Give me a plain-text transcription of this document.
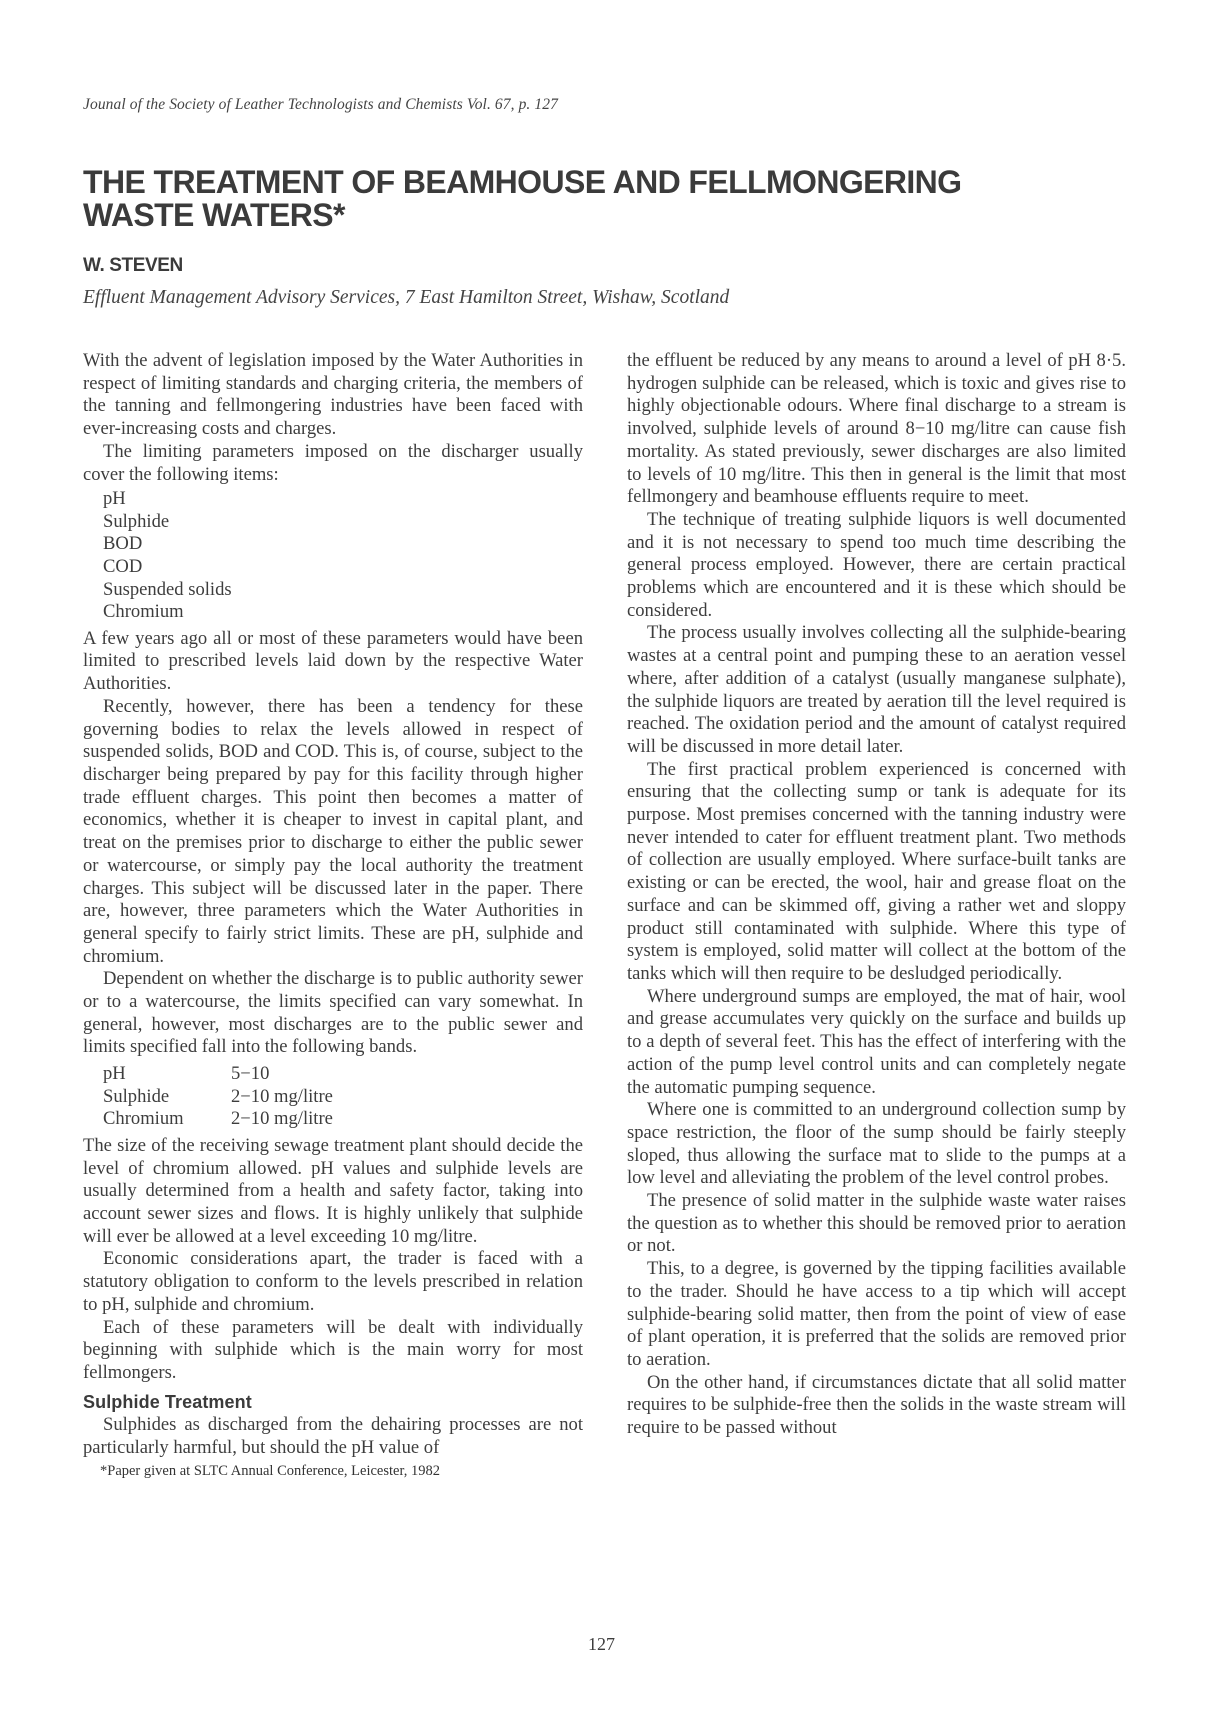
Jounal of the Society of Leather Technologists and Chemists Vol. 67, p. 127
THE TREATMENT OF BEAMHOUSE AND FELLMONGERING
WASTE WATERS*
W. STEVEN
Effluent Management Advisory Services, 7 East Hamilton Street, Wishaw, Scotland

With the advent of legislation imposed by the Water Authorities in respect of limiting standards and charging criteria, the members of the tanning and fellmongering industries have been faced with ever-increasing costs and charges.

The limiting parameters imposed on the discharger usually cover the following items:

pH
Sulphide
BOD
COD
Suspended solids
Chromium

A few years ago all or most of these parameters would have been limited to prescribed levels laid down by the respective Water Authorities.

Recently, however, there has been a tendency for these governing bodies to relax the levels allowed in respect of suspended solids, BOD and COD. This is, of course, subject to the discharger being prepared by pay for this facility through higher trade effluent charges. This point then becomes a matter of economics, whether it is cheaper to invest in capital plant, and treat on the premises prior to discharge to either the public sewer or watercourse, or simply pay the local authority the treatment charges. This subject will be discussed later in the paper. There are, however, three parameters which the Water Authorities in general specify to fairly strict limits. These are pH, sulphide and chromium.

Dependent on whether the discharge is to public authority sewer or to a watercourse, the limits specified can vary somewhat. In general, however, most discharges are to the public sewer and limits specified fall into the following bands.

pH	5−10
Sulphide	2−10 mg/litre
Chromium	2−10 mg/litre

The size of the receiving sewage treatment plant should decide the level of chromium allowed. pH values and sulphide levels are usually determined from a health and safety factor, taking into account sewer sizes and flows. It is highly unlikely that sulphide will ever be allowed at a level exceeding 10 mg/litre.

Economic considerations apart, the trader is faced with a statutory obligation to conform to the levels prescribed in relation to pH, sulphide and chromium.

Each of these parameters will be dealt with individually beginning with sulphide which is the main worry for most fellmongers.

Sulphide Treatment

Sulphides as discharged from the dehairing processes are not particularly harmful, but should the pH value of

*Paper given at SLTC Annual Conference, Leicester, 1982

the effluent be reduced by any means to around a level of pH 8·5. hydrogen sulphide can be released, which is toxic and gives rise to highly objectionable odours. Where final discharge to a stream is involved, sulphide levels of around 8−10 mg/litre can cause fish mortality. As stated previously, sewer discharges are also limited to levels of 10 mg/litre. This then in general is the limit that most fellmongery and beamhouse effluents require to meet.

The technique of treating sulphide liquors is well documented and it is not necessary to spend too much time describing the general process employed. However, there are certain practical problems which are encountered and it is these which should be considered.

The process usually involves collecting all the sulphide-bearing wastes at a central point and pumping these to an aeration vessel where, after addition of a catalyst (usually manganese sulphate), the sulphide liquors are treated by aeration till the level required is reached. The oxidation period and the amount of catalyst required will be discussed in more detail later.

The first practical problem experienced is concerned with ensuring that the collecting sump or tank is adequate for its purpose. Most premises concerned with the tanning industry were never intended to cater for effluent treatment plant. Two methods of collection are usually employed. Where surface-built tanks are existing or can be erected, the wool, hair and grease float on the surface and can be skimmed off, giving a rather wet and sloppy product still contaminated with sulphide. Where this type of system is employed, solid matter will collect at the bottom of the tanks which will then require to be desludged periodically.

Where underground sumps are employed, the mat of hair, wool and grease accumulates very quickly on the surface and builds up to a depth of several feet. This has the effect of interfering with the action of the pump level control units and can completely negate the automatic pumping sequence.

Where one is committed to an underground collection sump by space restriction, the floor of the sump should be fairly steeply sloped, thus allowing the surface mat to slide to the pumps at a low level and alleviating the problem of the level control probes.

The presence of solid matter in the sulphide waste water raises the question as to whether this should be removed prior to aeration or not.

This, to a degree, is governed by the tipping facilities available to the trader. Should he have access to a tip which will accept sulphide-bearing solid matter, then from the point of view of ease of plant operation, it is preferred that the solids are removed prior to aeration.

On the other hand, if circumstances dictate that all solid matter requires to be sulphide-free then the solids in the waste stream will require to be passed without

127
